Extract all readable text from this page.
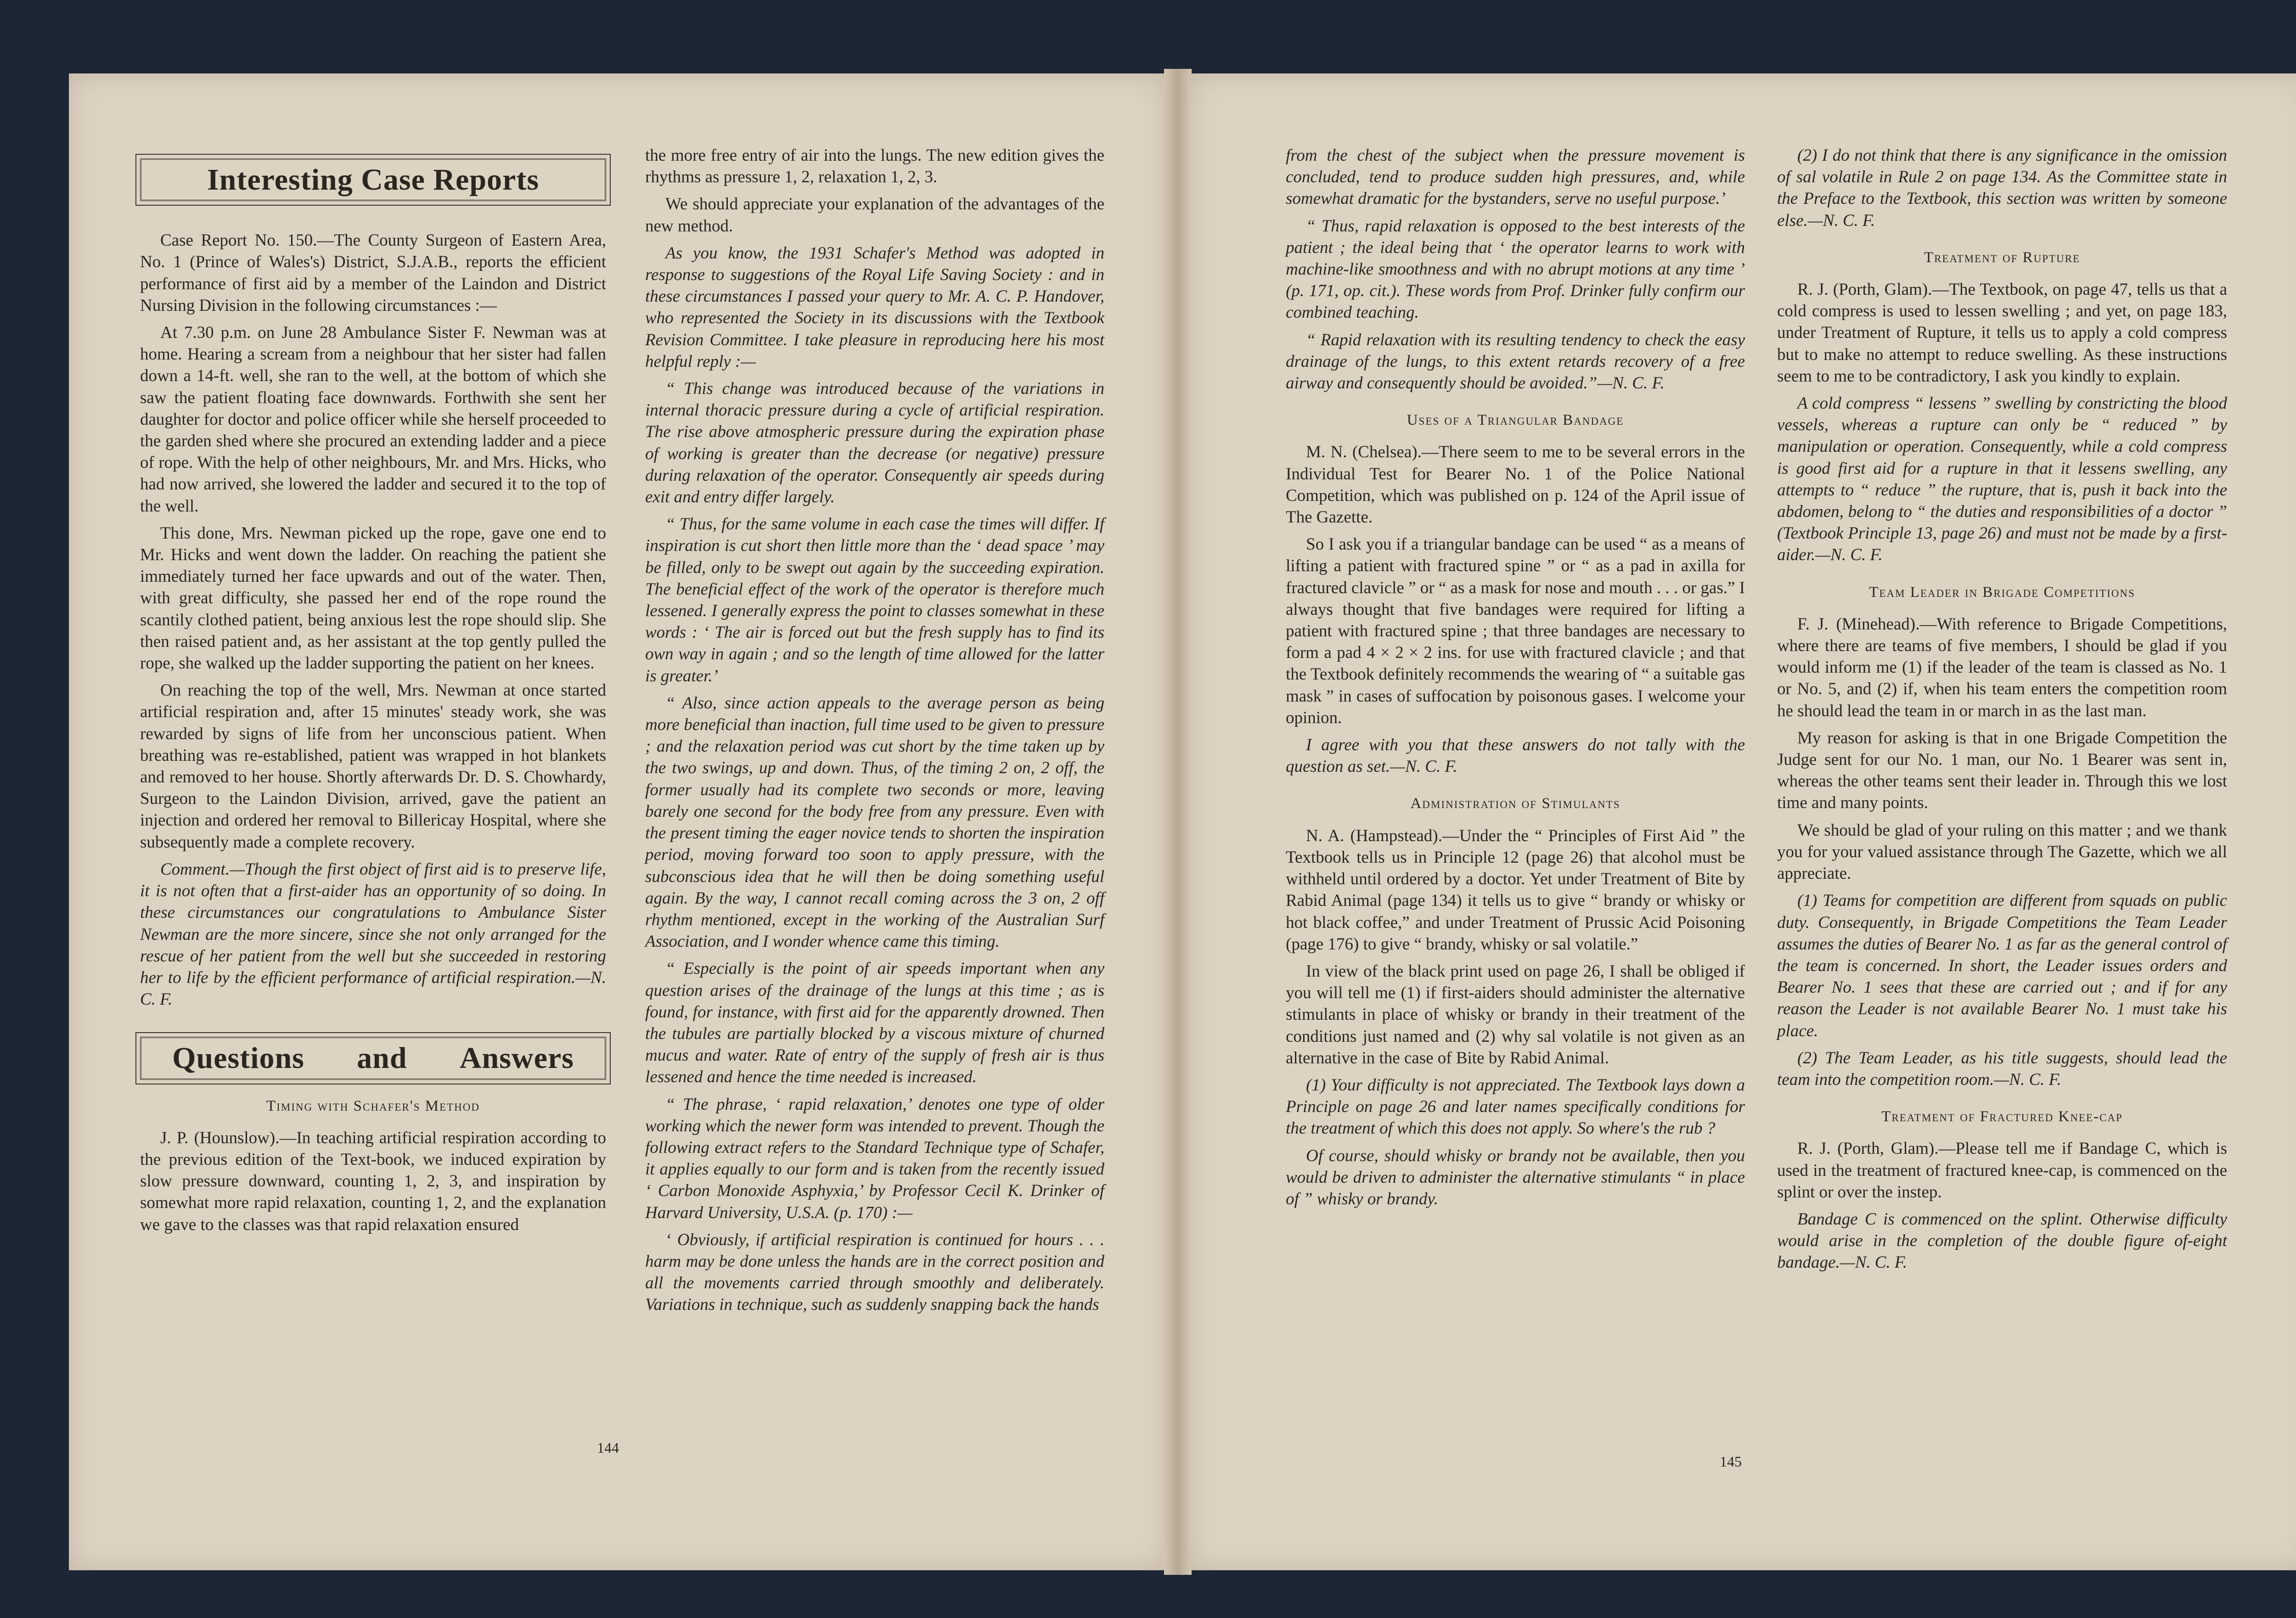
Interesting Case Reports

Case Report No. 150.—The County Surgeon of Eastern Area, No. 1 (Prince of Wales's) District, S.J.A.B., reports the efficient performance of first aid by a member of the Laindon and District Nursing Division in the following circumstances :—

At 7.30 p.m. on June 28 Ambulance Sister F. Newman was at home. Hearing a scream from a neighbour that her sister had fallen down a 14-ft. well, she ran to the well, at the bottom of which she saw the patient floating face downwards. Forthwith she sent her daughter for doctor and police officer while she herself proceeded to the garden shed where she procured an extending ladder and a piece of rope. With the help of other neighbours, Mr. and Mrs. Hicks, who had now arrived, she lowered the ladder and secured it to the top of the well.

This done, Mrs. Newman picked up the rope, gave one end to Mr. Hicks and went down the ladder. On reaching the patient she immediately turned her face upwards and out of the water. Then, with great difficulty, she passed her end of the rope round the scantily clothed patient, being anxious lest the rope should slip. She then raised patient and, as her assistant at the top gently pulled the rope, she walked up the ladder supporting the patient on her knees.

On reaching the top of the well, Mrs. Newman at once started artificial respiration and, after 15 minutes' steady work, she was rewarded by signs of life from her unconscious patient. When breathing was re-established, patient was wrapped in hot blankets and removed to her house. Shortly afterwards Dr. D. S. Chowhardy, Surgeon to the Laindon Division, arrived, gave the patient an injection and ordered her removal to Billericay Hospital, where she subsequently made a complete recovery.

Comment.—Though the first object of first aid is to preserve life, it is not often that a first-aider has an opportunity of so doing. In these circumstances our congratulations to Ambulance Sister Newman are the more sincere, since she not only arranged for the rescue of her patient from the well but she succeeded in restoring her to life by the efficient performance of artificial respiration.—N. C. F.

Questions and Answers
Timing with Schafer's Method

J. P. (Hounslow).—In teaching artificial respiration according to the previous edition of the Text-book, we induced expiration by slow pressure downward, counting 1, 2, 3, and inspiration by somewhat more rapid relaxation, counting 1, 2, and the explanation we gave to the classes was that rapid relaxation ensured

the more free entry of air into the lungs. The new edition gives the rhythms as pressure 1, 2, relaxation 1, 2, 3.

We should appreciate your explanation of the advantages of the new method.

As you know, the 1931 Schafer's Method was adopted in response to suggestions of the Royal Life Saving Society : and in these circumstances I passed your query to Mr. A. C. P. Handover, who represented the Society in its discussions with the Textbook Revision Committee. I take pleasure in reproducing here his most helpful reply :—

“ This change was introduced because of the variations in internal thoracic pressure during a cycle of artificial respiration. The rise above atmospheric pressure during the expiration phase of working is greater than the decrease (or negative) pressure during relaxation of the operator. Consequently air speeds during exit and entry differ largely.

“ Thus, for the same volume in each case the times will differ. If inspiration is cut short then little more than the ‘ dead space ’ may be filled, only to be swept out again by the succeeding expiration. The beneficial effect of the work of the operator is therefore much lessened. I generally express the point to classes somewhat in these words : ‘ The air is forced out but the fresh supply has to find its own way in again ; and so the length of time allowed for the latter is greater.’

“ Also, since action appeals to the average person as being more beneficial than inaction, full time used to be given to pressure ; and the relaxation period was cut short by the time taken up by the two swings, up and down. Thus, of the timing 2 on, 2 off, the former usually had its complete two seconds or more, leaving barely one second for the body free from any pressure. Even with the present timing the eager novice tends to shorten the inspiration period, moving forward too soon to apply pressure, with the subconscious idea that he will then be doing something useful again. By the way, I cannot recall coming across the 3 on, 2 off rhythm mentioned, except in the working of the Australian Surf Association, and I wonder whence came this timing.

“ Especially is the point of air speeds important when any question arises of the drainage of the lungs at this time ; as is found, for instance, with first aid for the apparently drowned. Then the tubules are partially blocked by a viscous mixture of churned mucus and water. Rate of entry of the supply of fresh air is thus lessened and hence the time needed is increased.

“ The phrase, ‘ rapid relaxation,’ denotes one type of older working which the newer form was intended to prevent. Though the following extract refers to the Standard Technique type of Schafer, it applies equally to our form and is taken from the recently issued ‘ Carbon Monoxide Asphyxia,’ by Professor Cecil K. Drinker of Harvard University, U.S.A. (p. 170) :—

‘ Obviously, if artificial respiration is continued for hours . . . harm may be done unless the hands are in the correct position and all the movements carried through smoothly and deliberately. Variations in technique, such as suddenly snapping back the hands

144

from the chest of the subject when the pressure movement is concluded, tend to produce sudden high pressures, and, while somewhat dramatic for the bystanders, serve no useful purpose.’

“ Thus, rapid relaxation is opposed to the best interests of the patient ; the ideal being that ‘ the operator learns to work with machine-like smoothness and with no abrupt motions at any time ’ (p. 171, op. cit.). These words from Prof. Drinker fully confirm our combined teaching.

“ Rapid relaxation with its resulting tendency to check the easy drainage of the lungs, to this extent retards recovery of a free airway and consequently should be avoided.”—N. C. F.

Uses of a Triangular Bandage

M. N. (Chelsea).—There seem to me to be several errors in the Individual Test for Bearer No. 1 of the Police National Competition, which was published on p. 124 of the April issue of The Gazette.

So I ask you if a triangular bandage can be used “ as a means of lifting a patient with fractured spine ” or “ as a pad in axilla for fractured clavicle ” or “ as a mask for nose and mouth . . . or gas.” I always thought that five bandages were required for lifting a patient with fractured spine ; that three bandages are necessary to form a pad 4 × 2 × 2 ins. for use with fractured clavicle ; and that the Textbook definitely recommends the wearing of “ a suitable gas mask ” in cases of suffocation by poisonous gases. I welcome your opinion.

I agree with you that these answers do not tally with the question as set.—N. C. F.

Administration of Stimulants

N. A. (Hampstead).—Under the “ Principles of First Aid ” the Textbook tells us in Principle 12 (page 26) that alcohol must be withheld until ordered by a doctor. Yet under Treatment of Bite by Rabid Animal (page 134) it tells us to give “ brandy or whisky or hot black coffee,” and under Treatment of Prussic Acid Poisoning (page 176) to give “ brandy, whisky or sal volatile.”

In view of the black print used on page 26, I shall be obliged if you will tell me (1) if first-aiders should administer the alternative stimulants in place of whisky or brandy in their treatment of the conditions just named and (2) why sal volatile is not given as an alternative in the case of Bite by Rabid Animal.

(1) Your difficulty is not appreciated. The Textbook lays down a Principle on page 26 and later names specifically conditions for the treatment of which this does not apply. So where's the rub ?

Of course, should whisky or brandy not be available, then you would be driven to administer the alternative stimulants “ in place of ” whisky or brandy.

(2) I do not think that there is any significance in the omission of sal volatile in Rule 2 on page 134. As the Committee state in the Preface to the Textbook, this section was written by someone else.—N. C. F.

Treatment of Rupture

R. J. (Porth, Glam).—The Textbook, on page 47, tells us that a cold compress is used to lessen swelling ; and yet, on page 183, under Treatment of Rupture, it tells us to apply a cold compress but to make no attempt to reduce swelling. As these instructions seem to me to be contradictory, I ask you kindly to explain.

A cold compress “ lessens ” swelling by constricting the blood vessels, whereas a rupture can only be “ reduced ” by manipulation or operation. Consequently, while a cold compress is good first aid for a rupture in that it lessens swelling, any attempts to “ reduce ” the rupture, that is, push it back into the abdomen, belong to “ the duties and responsibilities of a doctor ” (Textbook Principle 13, page 26) and must not be made by a first-aider.—N. C. F.

Team Leader in Brigade Competitions

F. J. (Minehead).—With reference to Brigade Competitions, where there are teams of five members, I should be glad if you would inform me (1) if the leader of the team is classed as No. 1 or No. 5, and (2) if, when his team enters the competition room he should lead the team in or march in as the last man.

My reason for asking is that in one Brigade Competition the Judge sent for our No. 1 man, our No. 1 Bearer was sent in, whereas the other teams sent their leader in. Through this we lost time and many points.

We should be glad of your ruling on this matter ; and we thank you for your valued assistance through The Gazette, which we all appreciate.

(1) Teams for competition are different from squads on public duty. Consequently, in Brigade Competitions the Team Leader assumes the duties of Bearer No. 1 as far as the general control of the team is concerned. In short, the Leader issues orders and Bearer No. 1 sees that these are carried out ; and if for any reason the Leader is not available Bearer No. 1 must take his place.

(2) The Team Leader, as his title suggests, should lead the team into the competition room.—N. C. F.

Treatment of Fractured Knee-cap

R. J. (Porth, Glam).—Please tell me if Bandage C, which is used in the treatment of fractured knee-cap, is commenced on the splint or over the instep.

Bandage C is commenced on the splint. Otherwise difficulty would arise in the completion of the double figure of-eight bandage.—N. C. F.

145
